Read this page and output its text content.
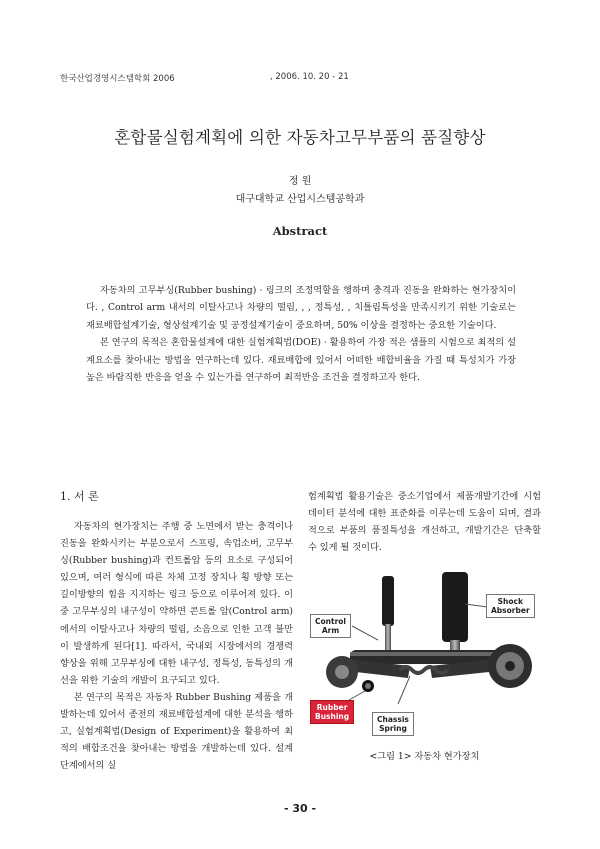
한국산업경영시스템학회 2006	, 2006. 10. 20 - 21
혼합물실험계획에 의한 자동차고무부품의 품질향상
정 원
대구대학교 산업시스템공학과
Abstract

자동차의 고무부싱(Rubber bushing) · 링크의 조정역할을 행하며 충격과 진동을 완화하는 현가장치이다. , Control arm 내서의 이탈사고나 차량의 떨림, , , 정특성, , 치틀림특성을 만족시키기 위한 기술로는 재료배합설계기술, 형상설계기술 및 공정설계기술이 중요하며, 50% 이상을 결정하는 중요한 기술이다.

본 연구의 목적은 혼합물설계에 대한 실험계획법(DOE) · 활용하여 가장 적은 샘플의 시험으로 최적의 설계요소를 찾아내는 방법을 연구하는데 있다. 재료배합에 있어서 어떠한 배합비율을 가질 때 특성치가 가장 높은 바람직한 반응을 얻을 수 있는가를 연구하여 최적반응 조건을 결정하고자 한다.

1. 서 론

자동차의 현가장치는 주행 중 노면에서 받는 충격이나 진동을 완화시키는 부분으로서 스프링, 속업소버, 고무부싱(Rubber bushing)과 컨트롤암 등의 요소로 구성되어 있으며, 여러 형식에 따른 차체 고정 장치나 횡 방향 또는 길이방향의 힘을 지지하는 링크 등으로 이루어져 있다. 이 중 고무부싱의 내구성이 약하면 콘트롤 암(Control arm)에서의 이탈사고나 차량의 떨림, 소음으로 인한 고객 불만이 발생하게 된다[1]. 따라서, 국내외 시장에서의 경쟁력 향상을 위해 고무부싱에 대한 내구성, 정특성, 동특성의 개선을 위한 기술의 개발이 요구되고 있다.

본 연구의 목적은 자동차 Rubber Bushing 제품을 개발하는데 있어서 종전의 재료배합설계에 대한 분석을 행하고, 실험계획법(Design of Experiment)을 활용하여 최적의 배합조건을 찾아내는 방법을 개발하는데 있다. 설계단계에서의 실

험계획법 활용기술은 중소기업에서 제품개발기간에 시험데이터 분석에 대한 표준화를 이루는데 도움이 되며, 결과적으로 부품의 품질특성을 개선하고, 개발기간은 단축할 수 있게 될 것이다.

Shock
Absorber
Control
Arm
Rubber
Bushing	Chassis
Spring
<그림 1> 자동차 현가장치
- 30 -
